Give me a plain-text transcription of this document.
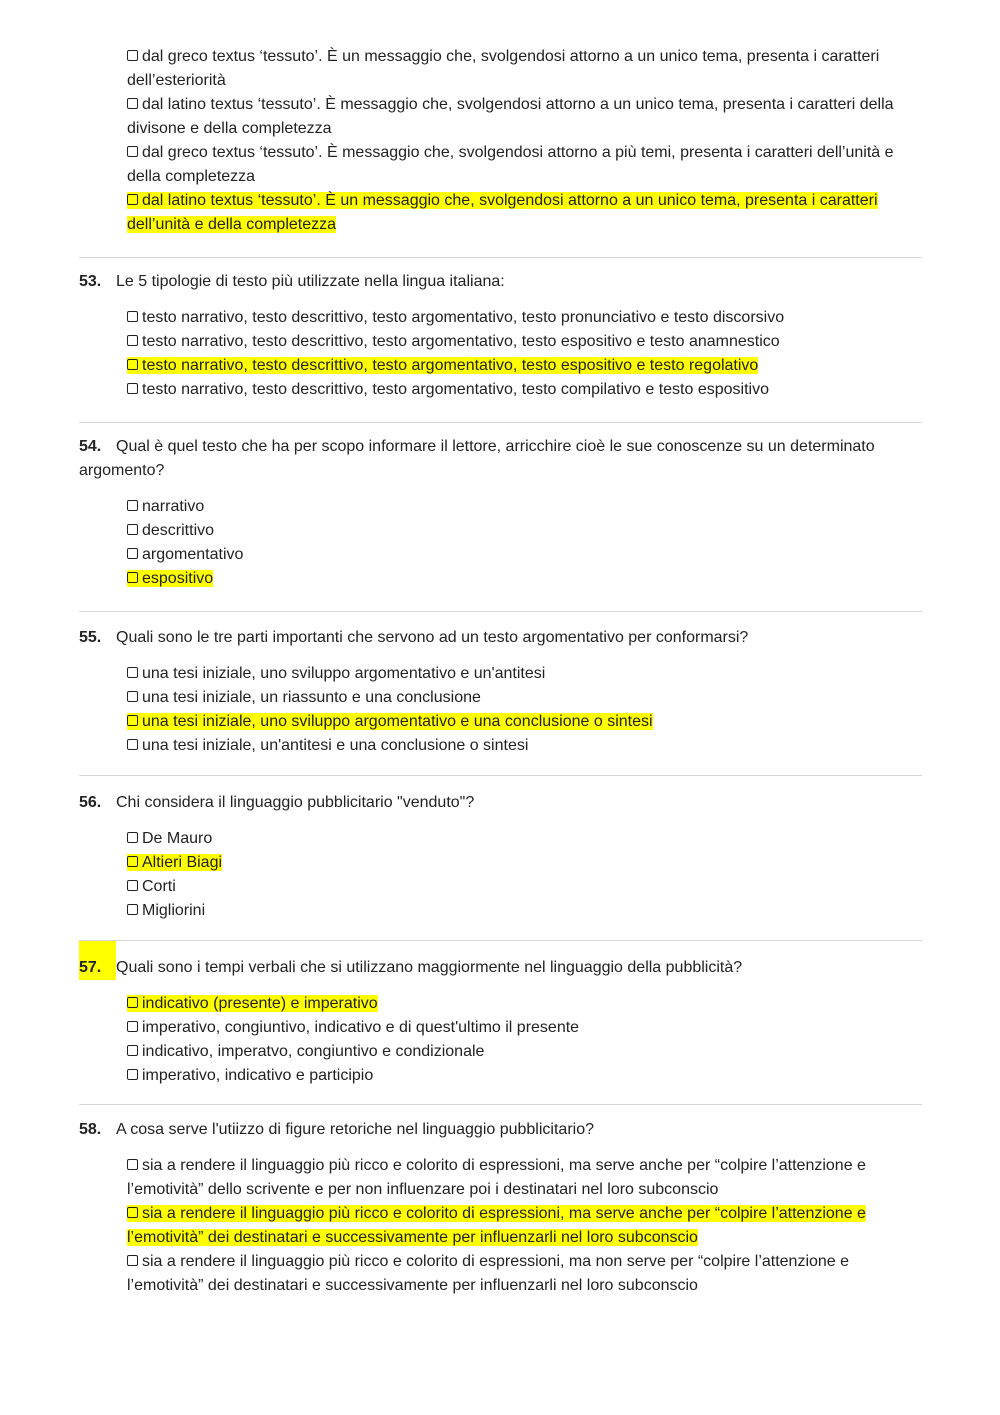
dal greco textus ‘tessuto’. È un messaggio che, svolgendosi attorno a un unico tema, presenta i caratteri dell’esteriorità
dal latino textus ‘tessuto’. È messaggio che, svolgendosi attorno a un unico tema, presenta i caratteri della divisone e della completezza
dal greco textus ‘tessuto’. È messaggio che, svolgendosi attorno a più temi, presenta i caratteri dell’unità e della completezza
dal latino textus ‘tessuto’. È un messaggio che, svolgendosi attorno a un unico tema, presenta i caratteri dell’unità e della completezza
53. Le 5 tipologie di testo più utilizzate nella lingua italiana:
testo narrativo, testo descrittivo, testo argomentativo, testo pronunciativo e testo discorsivo
testo narrativo, testo descrittivo, testo argomentativo, testo espositivo e testo anamnestico
testo narrativo, testo descrittivo, testo argomentativo, testo espositivo e testo regolativo
testo narrativo, testo descrittivo, testo argomentativo, testo compilativo e testo espositivo
54. Qual è quel testo che ha per scopo informare il lettore, arricchire cioè le sue conoscenze su un determinato argomento?
narrativo
descrittivo
argomentativo
espositivo
55. Quali sono le tre parti importanti che servono ad un testo argomentativo per conformarsi?
una tesi iniziale, uno sviluppo argomentativo e un'antitesi
una tesi iniziale, un riassunto e una conclusione
una tesi iniziale, uno sviluppo argomentativo e una conclusione o sintesi
una tesi iniziale, un'antitesi e una conclusione o sintesi
56. Chi considera il linguaggio pubblicitario "venduto"?
De Mauro
Altieri Biagi
Corti
Migliorini
57. Quali sono i tempi verbali che si utilizzano maggiormente nel linguaggio della pubblicità?
indicativo (presente) e imperativo
imperativo, congiuntivo, indicativo e di quest'ultimo il presente
indicativo, imperatvo, congiuntivo e condizionale
imperativo, indicativo e participio
58. A cosa serve l'utiizzo di figure retoriche nel linguaggio pubblicitario?
sia a rendere il linguaggio più ricco e colorito di espressioni, ma serve anche per “colpire l’attenzione e l’emotività” dello scrivente e per non influenzare poi i destinatari nel loro subconscio
sia a rendere il linguaggio più ricco e colorito di espressioni, ma serve anche per “colpire l’attenzione e l’emotività” dei destinatari e successivamente per influenzarli nel loro subconscio
sia a rendere il linguaggio più ricco e colorito di espressioni, ma non serve per “colpire l’attenzione e l’emotività” dei destinatari e successivamente per influenzarli nel loro subconscio
